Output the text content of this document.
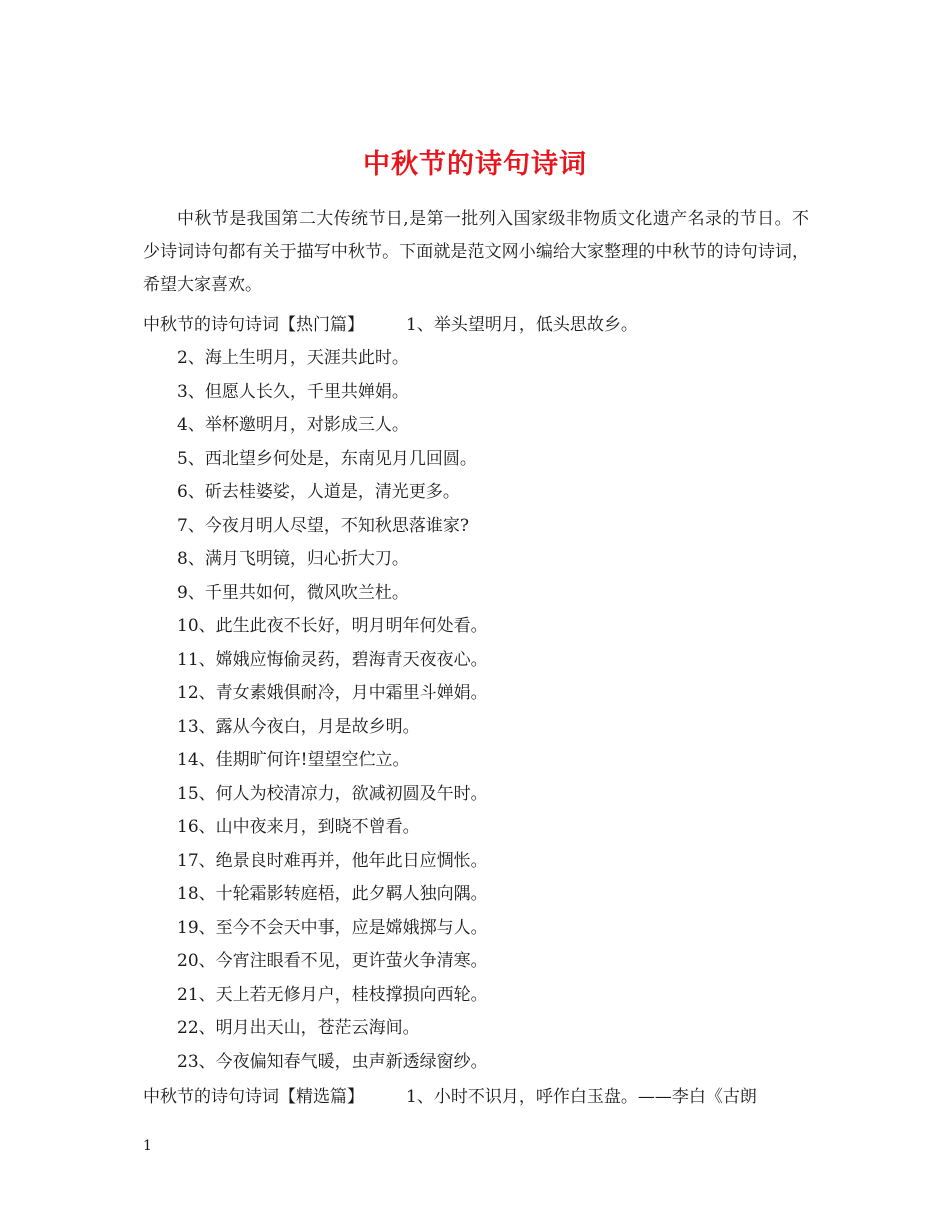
中秋节的诗句诗词

中秋节是我国第二大传统节日,是第一批列入国家级非物质文化遗产名录的节日。不少诗词诗句都有关于描写中秋节。下面就是范文网小编给大家整理的中秋节的诗句诗词，希望大家喜欢。

中秋节的诗句诗词【热门篇】 1、举头望明月，低头思故乡。
2、海上生明月，天涯共此时。
3、但愿人长久，千里共婵娟。
4、举杯邀明月，对影成三人。
5、西北望乡何处是，东南见月几回圆。
6、斫去桂婆娑，人道是，清光更多。
7、今夜月明人尽望，不知秋思落谁家?
8、满月飞明镜，归心折大刀。
9、千里共如何，微风吹兰杜。
10、此生此夜不长好，明月明年何处看。
11、嫦娥应悔偷灵药，碧海青天夜夜心。
12、青女素娥俱耐冷，月中霜里斗婵娟。
13、露从今夜白，月是故乡明。
14、佳期旷何许!望望空伫立。
15、何人为校清凉力，欲减初圆及午时。
16、山中夜来月，到晓不曾看。
17、绝景良时难再并，他年此日应惆怅。
18、十轮霜影转庭梧，此夕羁人独向隅。
19、至今不会天中事，应是嫦娥掷与人。
20、今宵注眼看不见，更许萤火争清寒。
21、天上若无修月户，桂枝撑损向西轮。
22、明月出天山，苍茫云海间。
23、今夜偏知春气暖，虫声新透绿窗纱。
中秋节的诗句诗词【精选篇】 1、小时不识月，呼作白玉盘。——李白《古朗
1
